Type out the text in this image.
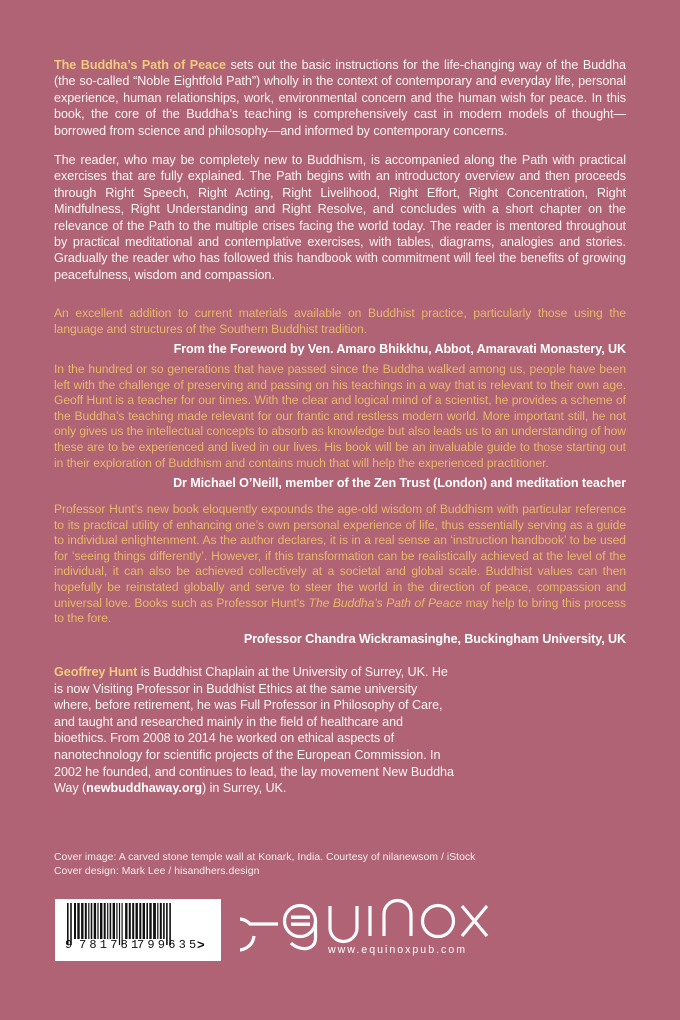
The Buddha’s Path of Peace sets out the basic instructions for the life-changing way of the Buddha (the so-called “Noble Eightfold Path”) wholly in the context of contemporary and everyday life, personal experience, human relationships, work, environmental concern and the human wish for peace. In this book, the core of the Buddha’s teaching is comprehensively cast in modern models of thought—borrowed from science and philosophy—and informed by contemporary concerns.

The reader, who may be completely new to Buddhism, is accompanied along the Path with practical exercises that are fully explained. The Path begins with an introductory overview and then proceeds through Right Speech, Right Acting, Right Livelihood, Right Effort, Right Concentration, Right Mindfulness, Right Understanding and Right Resolve, and concludes with a short chapter on the relevance of the Path to the multiple crises facing the world today. The reader is mentored throughout by practical meditational and contemplative exercises, with tables, diagrams, analogies and stories. Gradually the reader who has followed this handbook with commitment will feel the benefits of growing peacefulness, wisdom and compassion.

An excellent addition to current materials available on Buddhist practice, particularly those using the language and structures of the Southern Buddhist tradition.

From the Foreword by Ven. Amaro Bhikkhu, Abbot, Amaravati Monastery, UK

In the hundred or so generations that have passed since the Buddha walked among us, people have been left with the challenge of preserving and passing on his teachings in a way that is relevant to their own age. Geoff Hunt is a teacher for our times. With the clear and logical mind of a scientist, he provides a scheme of the Buddha’s teaching made relevant for our frantic and restless modern world. More important still, he not only gives us the intellectual concepts to absorb as knowledge but also leads us to an understanding of how these are to be experienced and lived in our lives. His book will be an invaluable guide to those starting out in their exploration of Buddhism and contains much that will help the experienced practitioner.

Dr Michael O’Neill, member of the Zen Trust (London) and meditation teacher

Professor Hunt’s new book eloquently expounds the age-old wisdom of Buddhism with particular reference to its practical utility of enhancing one’s own personal experience of life, thus essentially serving as a guide to individual enlightenment. As the author declares, it is in a real sense an ‘instruction handbook’ to be used for ‘seeing things differently’. However, if this transformation can be realistically achieved at the level of the individual, it can also be achieved collectively at a societal and global scale. Buddhist values can then hopefully be reinstated globally and serve to steer the world in the direction of peace, compassion and universal love. Books such as Professor Hunt’s The Buddha’s Path of Peace may help to bring this process to the fore.

Professor Chandra Wickramasinghe, Buckingham University, UK

Geoffrey Hunt is Buddhist Chaplain at the University of Surrey, UK. He is now Visiting Professor in Buddhist Ethics at the same university where, before retirement, he was Full Professor in Philosophy of Care, and taught and researched mainly in the field of healthcare and bioethics. From 2008 to 2014 he worked on ethical aspects of nanotechnology for scientific projects of the European Commission. In 2002 he founded, and continues to lead, the lay movement New Buddha Way (newbuddhaway.org) in Surrey, UK.

Cover image: A carved stone temple wall at Konark, India. Courtesy of nilanewsom / iStock

Cover design: Mark Lee / hisandhers.design

9 781781
799635
>	www.equinoxpub.com
